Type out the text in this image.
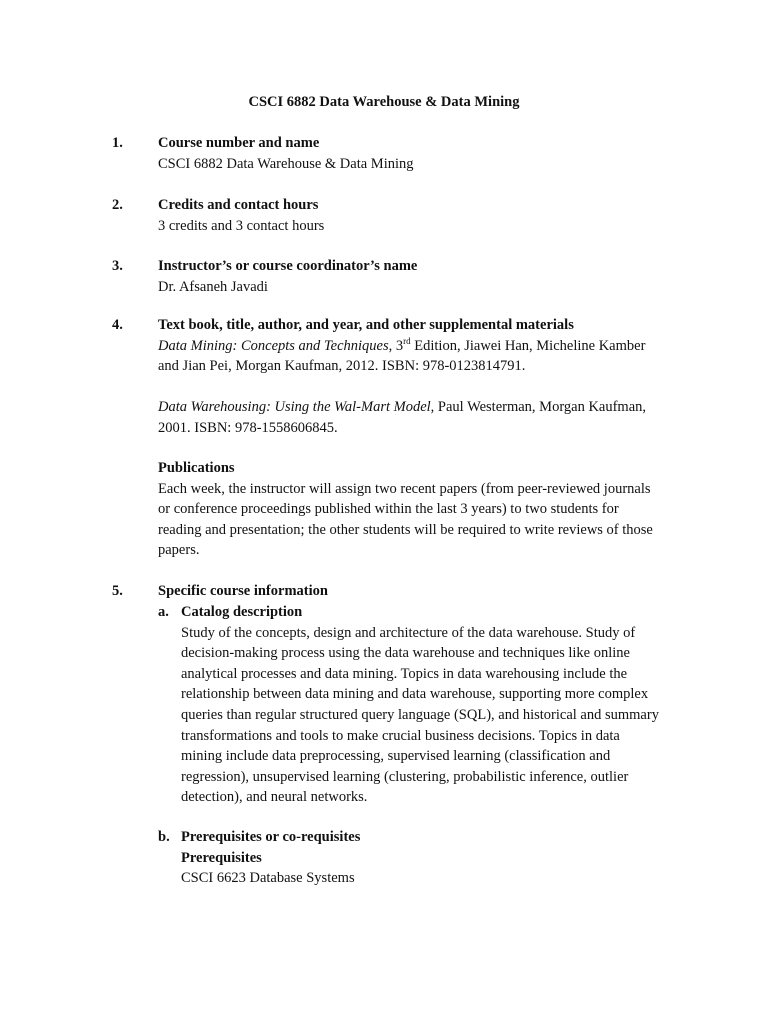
CSCI 6882 Data Warehouse & Data Mining
1. Course number and name

CSCI 6882 Data Warehouse & Data Mining

2. Credits and contact hours

3 credits and 3 contact hours

3. Instructor’s or course coordinator’s name

Dr. Afsaneh Javadi

4. Text book, title, author, and year, and other supplemental materials

Data Mining: Concepts and Techniques, 3rd Edition, Jiawei Han, Micheline Kamber

and Jian Pei, Morgan Kaufman, 2012. ISBN: 978-0123814791.

Data Warehousing: Using the Wal-Mart Model, Paul Westerman, Morgan Kaufman,

2001. ISBN: 978-1558606845.

Publications

Each week, the instructor will assign two recent papers (from peer-reviewed journals

or conference proceedings published within the last 3 years) to two students for

reading and presentation; the other students will be required to write reviews of those

papers.

5. Specific course information

a. Catalog description

Study of the concepts, design and architecture of the data warehouse. Study of

decision-making process using the data warehouse and techniques like online

analytical processes and data mining. Topics in data warehousing include the

relationship between data mining and data warehouse, supporting more complex

queries than regular structured query language (SQL), and historical and summary

transformations and tools to make crucial business decisions. Topics in data

mining include data preprocessing, supervised learning (classification and

regression), unsupervised learning (clustering, probabilistic inference, outlier

detection), and neural networks.

b. Prerequisites or co-requisites

Prerequisites

CSCI 6623 Database Systems
